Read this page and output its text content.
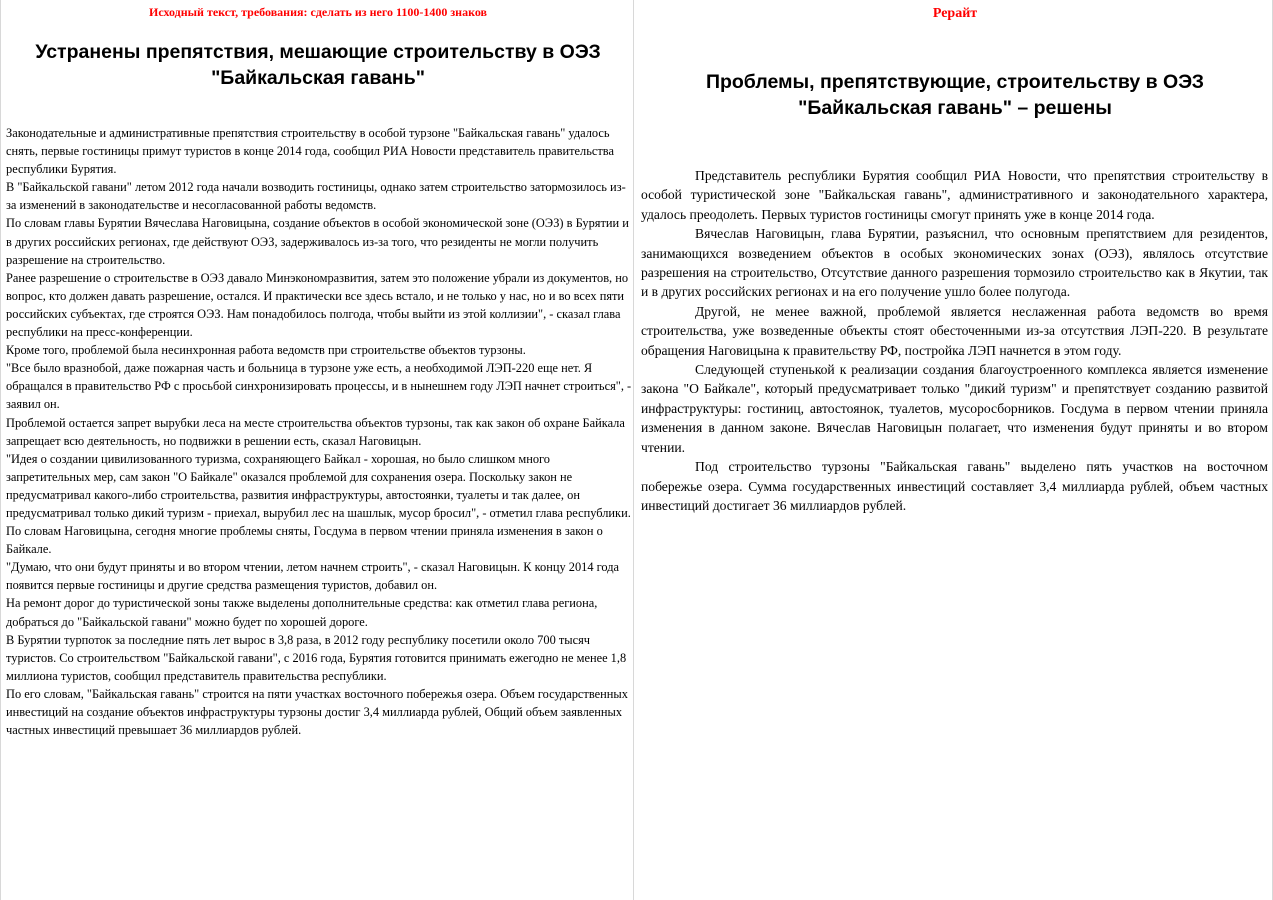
Исходный текст, требования: сделать из него 1100-1400 знаков
Устранены препятствия, мешающие строительству в ОЭЗ
"Байкальская гавань"

Законодательные и административные препятствия строительству в особой турзоне "Байкальская гавань" удалось снять, первые гостиницы примут туристов в конце 2014 года, сообщил РИА Новости представитель правительства республики Бурятия.

В "Байкальской гавани" летом 2012 года начали возводить гостиницы, однако затем строительство затормозилось из-за изменений в законодательстве и несогласованной работы ведомств.

По словам главы Бурятии Вячеслава Наговицына, создание объектов в особой экономической зоне (ОЭЗ) в Бурятии и в других российских регионах, где действуют ОЭЗ, задерживалось из-за того, что резиденты не могли получить разрешение на строительство.

Ранее разрешение о строительстве в ОЭЗ давало Минэкономразвития, затем это положение убрали из документов, но вопрос, кто должен давать разрешение, остался. И практически все здесь встало, и не только у нас, но и во всех пяти российских субъектах, где строятся ОЭЗ. Нам понадобилось полгода, чтобы выйти из этой коллизии", - сказал глава республики на пресс-конференции.

Кроме того, проблемой была несинхронная работа ведомств при строительстве объектов турзоны.

"Все было вразнобой, даже пожарная часть и больница в турзоне уже есть, а необходимой ЛЭП-220 еще нет. Я обращался в правительство РФ с просьбой синхронизировать процессы, и в нынешнем году ЛЭП начнет строиться", - заявил он.

Проблемой остается запрет вырубки леса на месте строительства объектов турзоны, так как закон об охране Байкала запрещает всю деятельность, но подвижки в решении есть, сказал Наговицын.

"Идея о создании цивилизованного туризма, сохраняющего Байкал - хорошая, но было слишком много запретительных мер, сам закон "О Байкале" оказался проблемой для сохранения озера. Поскольку закон не предусматривал какого-либо строительства, развития инфраструктуры, автостоянки, туалеты и так далее, он предусматривал только дикий туризм - приехал, вырубил лес на шашлык, мусор бросил", - отметил глава республики.

По словам Наговицына, сегодня многие проблемы сняты, Госдума в первом чтении приняла изменения в закон о Байкале.

"Думаю, что они будут приняты и во втором чтении, летом начнем строить", - сказал Наговицын. К концу 2014 года появится первые гостиницы и другие средства размещения туристов, добавил он.

На ремонт дорог до туристической зоны также выделены дополнительные средства: как отметил глава региона, добраться до "Байкальской гавани" можно будет по хорошей дороге.

В Бурятии турпоток за последние пять лет вырос в 3,8 раза, в 2012 году республику посетили около 700 тысяч туристов. Со строительством "Байкальской гавани", с 2016 года, Бурятия готовится принимать ежегодно не менее 1,8 миллиона туристов, сообщил представитель правительства республики.

По его словам, "Байкальская гавань" строится на пяти участках восточного побережья озера. Объем государственных инвестиций на создание объектов инфраструктуры турзоны достиг 3,4 миллиарда рублей, Общий объем заявленных частных инвестиций превышает 36 миллиардов рублей.

Рерайт
Проблемы, препятствующие, строительству в ОЭЗ
"Байкальская гавань" – решены

Представитель республики Бурятия сообщил РИА Новости, что препятствия строительству в особой туристической зоне "Байкальская гавань", административного и законодательного характера, удалось преодолеть. Первых туристов гостиницы смогут принять уже в конце 2014 года.

Вячеслав Наговицын, глава Бурятии, разъяснил, что основным препятствием для резидентов, занимающихся возведением объектов в особых экономических зонах (ОЭЗ), являлось отсутствие разрешения на строительство, Отсутствие данного разрешения тормозило строительство как в Якутии, так и в других российских регионах и на его получение ушло более полугода.

Другой, не менее важной, проблемой является неслаженная работа ведомств во время строительства, уже возведенные объекты стоят обесточенными из-за отсутствия ЛЭП-220. В результате обращения Наговицына к правительству РФ, постройка ЛЭП начнется в этом году.

Следующей ступенькой к реализации создания благоустроенного комплекса является изменение закона "О Байкале", который предусматривает только "дикий туризм" и препятствует созданию развитой инфраструктуры: гостиниц, автостоянок, туалетов, мусоросборников. Госдума в первом чтении приняла изменения в данном законе. Вячеслав Наговицын полагает, что изменения будут приняты и во втором чтении.

Под строительство турзоны "Байкальская гавань" выделено пять участков на восточном побережье озера. Сумма государственных инвестиций составляет 3,4 миллиарда рублей, объем частных инвестиций достигает 36 миллиардов рублей.
